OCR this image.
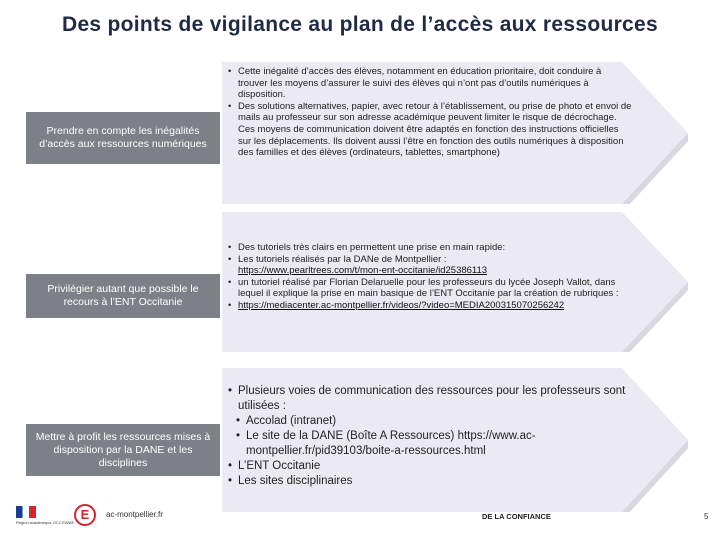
Des points de vigilance au plan de l’accès aux ressources
Prendre en compte les inégalités d’accès aux ressources numériques
• Cette inégalité d’accès des élèves, notamment en éducation prioritaire, doit conduire à trouver les moyens d’assurer le suivi des élèves qui n’ont pas d’outils numériques à disposition.
• Des solutions alternatives, papier, avec retour à l’établissement, ou prise de photo et envoi de mails au professeur sur son adresse académique peuvent limiter le risque de décrochage. Ces moyens de communication doivent être adaptés en fonction des instructions officielles sur les déplacements. Ils doivent aussi l’être en fonction des outils numériques à disposition des familles et des élèves (ordinateurs, tablettes, smartphone)
Privilégier autant que possible le recours à l’ENT Occitanie
• Des tutoriels très clairs en permettent une prise en main rapide:
• Les tutoriels réalisés par la DANe de Montpellier :
https://www.pearltrees.com/t/mon-ent-occitanie/id25386113
• un tutoriel réalisé par Florian Delaruelle pour les professeurs du lycée Joseph Vallot, dans lequel il explique la prise en main basique de l’ENT Occitanie par la création de rubriques :
• https://mediacenter.ac-montpellier.fr/videos/?video=MEDIA200315070256242
Mettre à profit les ressources mises à disposition par la DANE et les disciplines
• Plusieurs voies de communication des ressources pour les professeurs sont utilisées :
• Accolad (intranet)
• Le site de la DANE (Boîte A Ressources) https://www.ac-montpellier.fr/pid39103/boite-a-ressources.html
• L’ENT Occitanie
• Les sites disciplinaires
Région académique OCCITANIE
E	ac-montpellier.fr
	DE LA CONFIANCE	5
